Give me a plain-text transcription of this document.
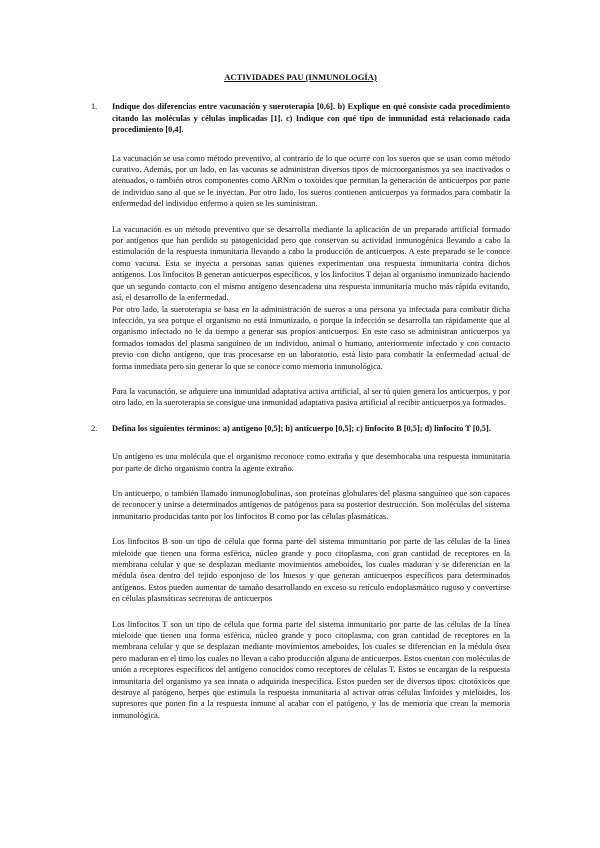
ACTIVIDADES PAU (INMUNOLOGÍA)
1. Indique dos diferencias entre vacunación y sueroterapia [0,6]. b) Explique en qué consiste cada procedimiento citando las moléculas y células implicadas [1]. c) Indique con qué tipo de inmunidad está relacionado cada procedimiento [0,4].

La vacunación se usa como método preventivo, al contrario de lo que ocurre con los sueros que se usan como método curativo. Además, por un lado, en las vacunas se administran diversos tipos de microorganismos ya sea inactivados o atenuados, o también otros componentes como ARNm o toxoides que permitan la generación de anticuerpos por parte de individuo sano al que se le inyectan. Por otro lado, los sueros contienen anticuerpos ya formados para combatir la enfermedad del individuo enfermo a quien se les suministran.

La vacunación es un método preventivo que se desarrolla mediante la aplicación de un preparado artificial formado por antígenos que han perdido su patogenicidad pero que conservan su actividad inmunogénica llevando a cabo la estimulación de la respuesta inmunitaria llevando a cabo la producción de anticuerpos. A este preparado se le conoce como vacuna. Esta se inyecta a personas sanas quienes experimentan una respuesta inmunitaria contra dichos antígenos. Los linfocitos B generan anticuerpos específicos, y los linfocitos T dejan al organismo inmunizado haciendo que un segundo contacto con el mismo antígeno desencadena una respuesta inmunitaria mucho más rápida evitando, así, el desarrollo de la enfermedad.

Por otro lado, la sueroterapia se basa en la administración de sueros a una persona ya infectada para combatir dicha infección, ya sea porque el organismo no está inmunizado, o porque la infección se desarrolla tan rápidamente que al organismo infectado no le da tiempo a generar sus propios anticuerpos. En este caso se administran anticuerpos ya formados tomados del plasma sanguíneo de un individuo, animal o humano, anteriormente infectado y con contacto previo con dicho antígeno, que tras procesarse en un laboratorio, está listo para combatir la enfermedad actual de forma inmediata pero sin generar lo que se conoce como memoria inmunológica.

Para la vacunación, se adquiere una inmunidad adaptativa activa artificial, al ser tú quien genera los anticuerpos, y por otro lado, en la sueroterapia se consigue una inmunidad adaptativa pasiva artificial al recibir anticuerpos ya formados.

2. Defina los siguientes términos: a) antígeno [0,5]; b) anticuerpo [0,5]; c) linfocito B [0,5]; d) linfocito T [0,5].

Un antígeno es una molécula que el organismo reconoce como extraña y que desembocaba una respuesta inmunitaria por parte de dicho organismo contra la agente extraño.

Un anticuerpo, o también llamado inmunoglobulinas, son proteínas globulares del plasma sanguíneo que son capaces de reconocer y unirse a determinados antígenos de patógenos para su posterior destrucción. Son moléculas del sistema inmunitario producidas tanto por los linfocitos B como por las células plasmáticas.

Los linfocitos B son un tipo de célula que forma parte del sistema inmunitario por parte de las células de la línea mieloide que tienen una forma esférica, núcleo grande y poco citoplasma, con gran cantidad de receptores en la membrana celular y que se desplazan mediante movimientos ameboides, los cuales maduran y se diferencian en la médula ósea dentro del tejido esponjoso de los huesos y que generan anticuerpos específicos para determinados antígenos. Estos pueden aumentar de tamaño desarrollando en exceso su retículo endoplasmático rugoso y convertirse en células plasmáticas secretoras de anticuerpos

Los linfocitos T son un tipo de célula que forma parte del sistema inmunitario por parte de las células de la línea mieloide que tienen una forma esférica, núcleo grande y poco citoplasma, con gran cantidad de receptores en la membrana celular y que se desplazan mediante movimientos ameboides, los cuales se diferencian en la médula ósea pero maduran en el timo los cuales no llevan a cabo producción alguna de anticuerpos. Estos cuentan con moléculas de unión a receptores específicos del antígeno conocidos como receptores de células T. Estos se encargan de la respuesta inmunitaria del organismo ya sea innata o adquirida inespecífica. Estos pueden ser de diversos tipos: citotóxicos que destruye al patógeno, herpes que estimula la respuesta inmunitaria al activar otras células linfoides y mieloides, los supresores que ponen fin a la respuesta inmune al acabar con el patógeno, y los de memoria que crean la memoria inmunológica.
